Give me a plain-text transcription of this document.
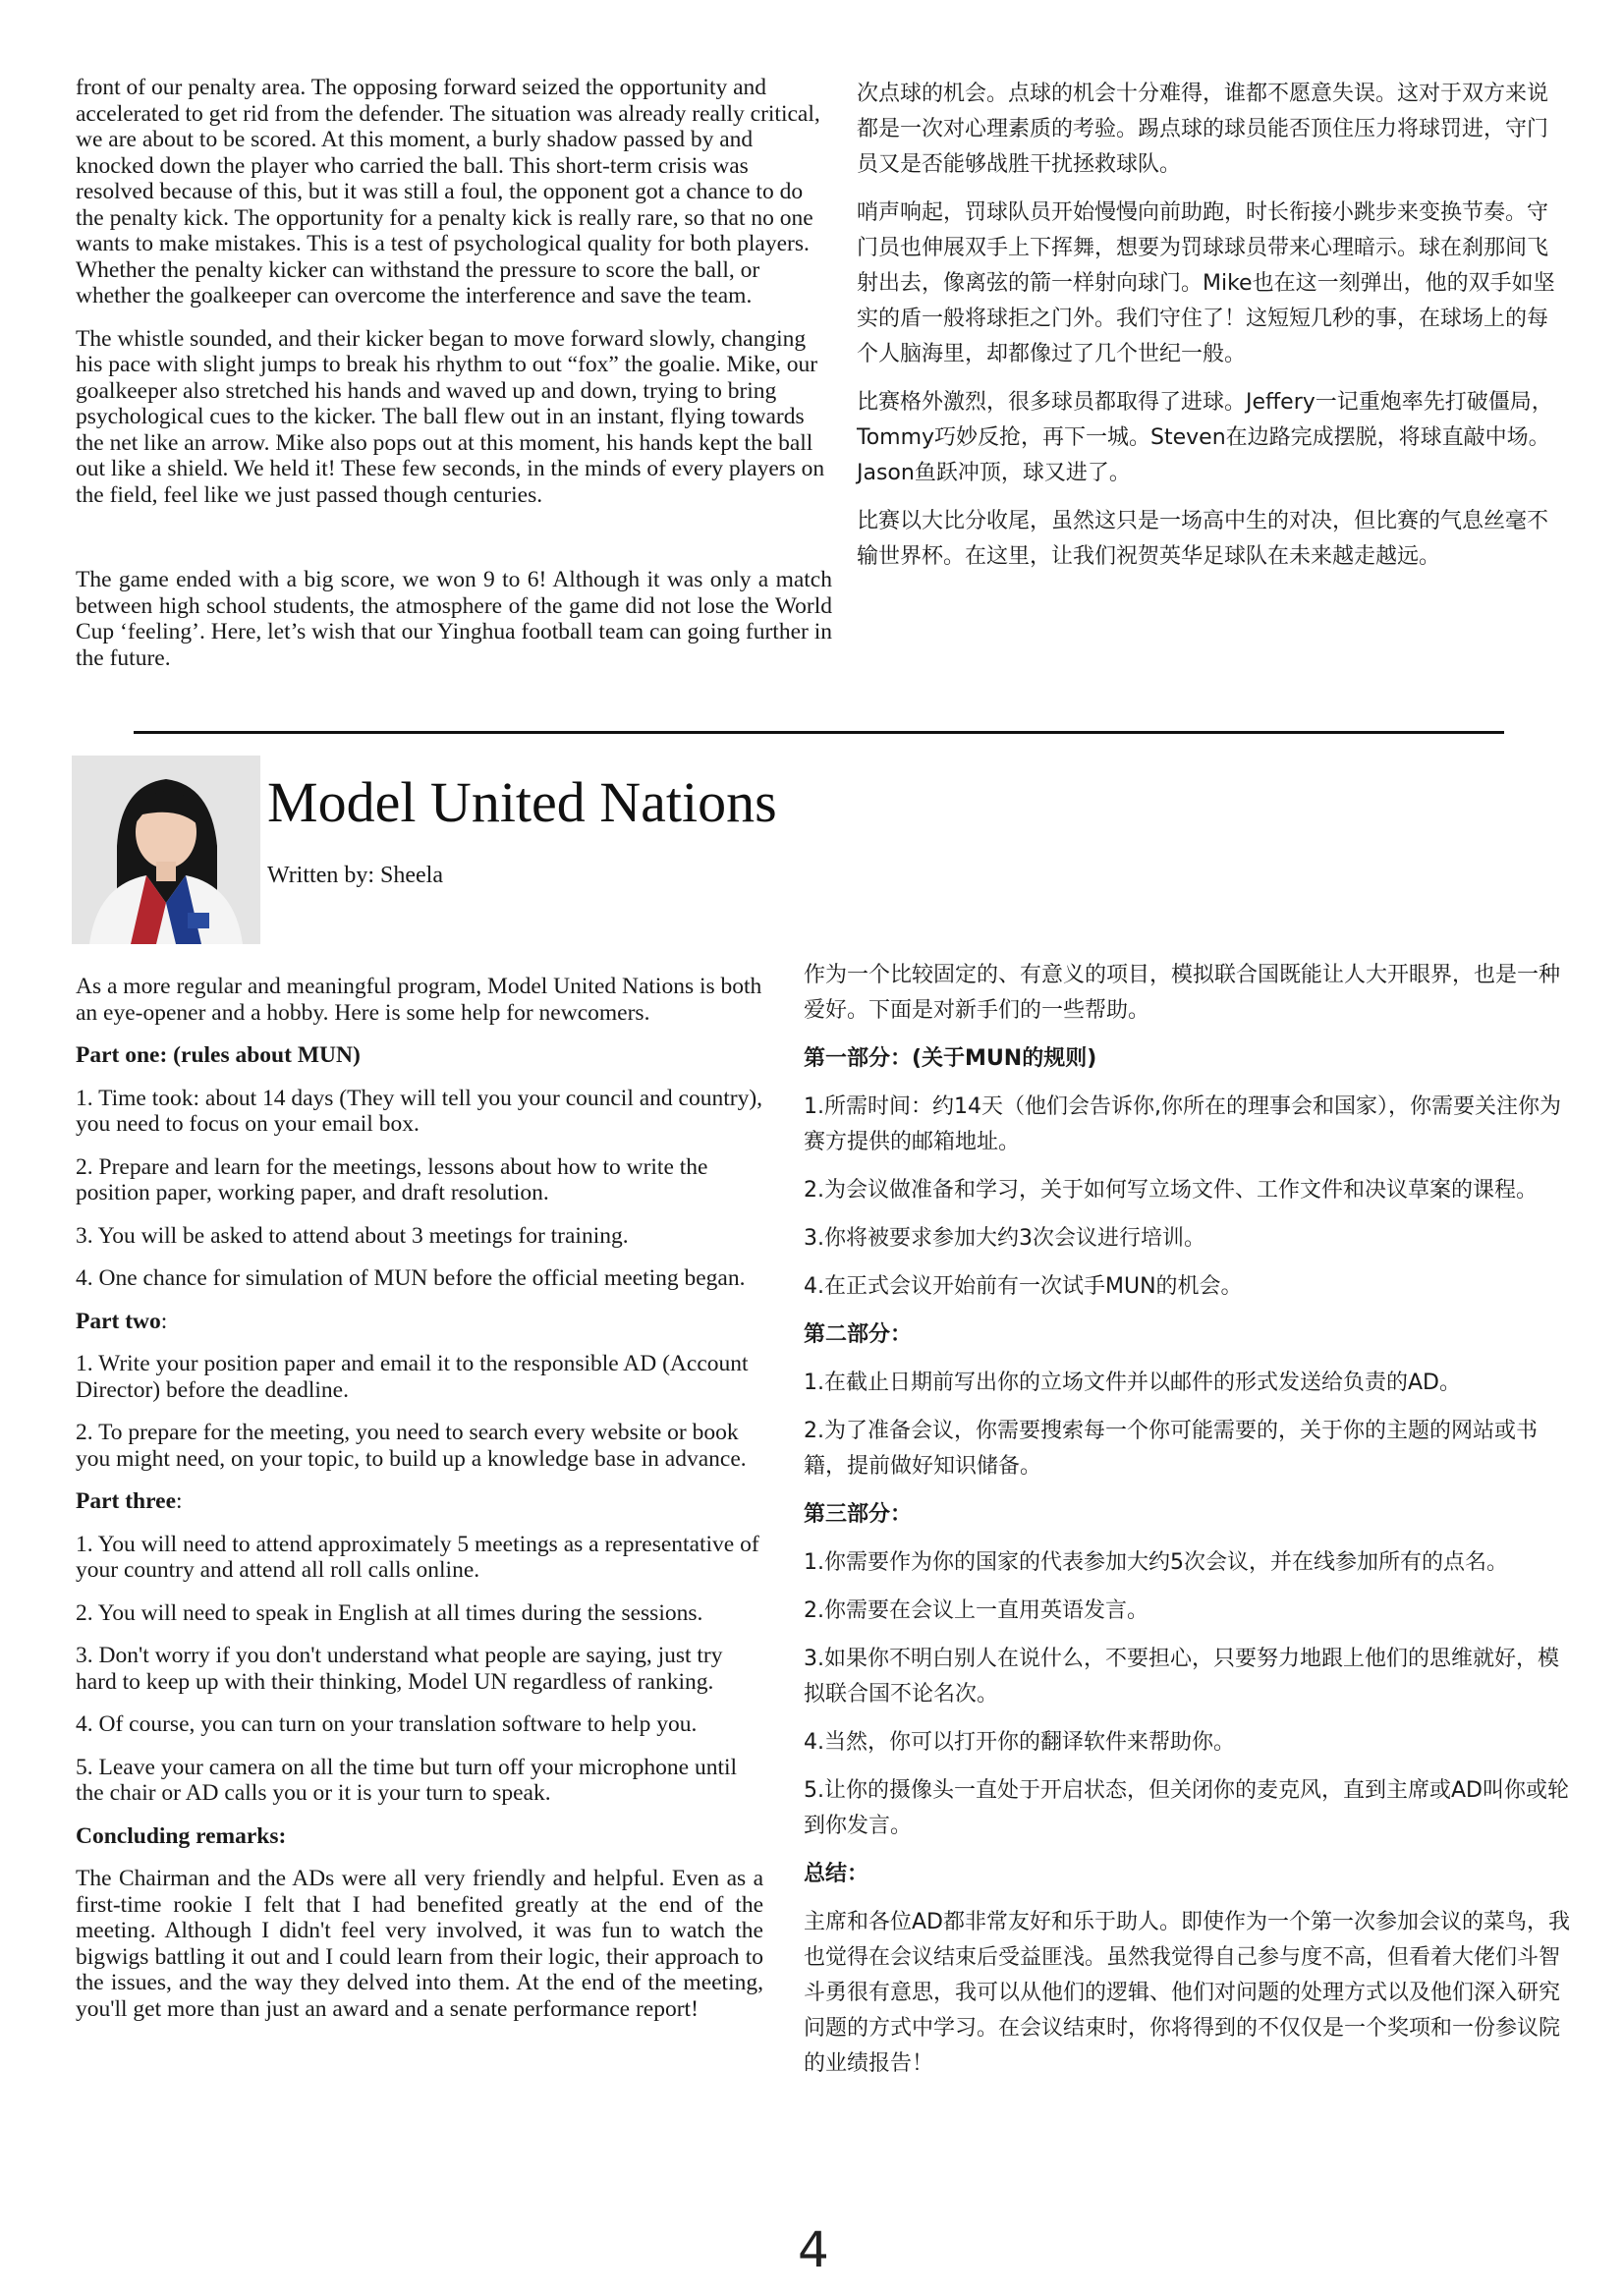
front of our penalty area. The opposing forward seized the opportunity and accelerated to get rid from the defender. The situation was already really critical, we are about to be scored. At this moment, a burly shadow passed by and knocked down the player who carried the ball. This short-term crisis was resolved because of this, but it was still a foul, the opponent got a chance to do the penalty kick. The opportunity for a penalty kick is really rare, so that no one wants to make mistakes. This is a test of psychological quality for both players. Whether the penalty kicker can withstand the pressure to score the ball, or whether the goalkeeper can overcome the interference and save the team.

The whistle sounded, and their kicker began to move forward slowly, changing his pace with slight jumps to break his rhythm to out “fox” the goalie. Mike, our goalkeeper also stretched his hands and waved up and down, trying to bring psychological cues to the kicker. The ball flew out in an instant, flying towards the net like an arrow. Mike also pops out at this moment, his hands kept the ball out like a shield. We held it! These few seconds, in the minds of every players on the field, feel like we just passed though centuries.

The game ended with a big score, we won 9 to 6! Although it was only a match between high school students, the atmosphere of the game did not lose the World Cup ‘feeling’. Here, let’s wish that our Yinghua football team can going further in the future.

次点球的机会。点球的机会十分难得，谁都不愿意失误。这对于双方来说都是一次对心理素质的考验。踢点球的球员能否顶住压力将球罚进，守门员又是否能够战胜干扰拯救球队。

哨声响起，罚球队员开始慢慢向前助跑，时长衔接小跳步来变换节奏。守门员也伸展双手上下挥舞，想要为罚球球员带来心理暗示。球在刹那间飞射出去，像离弦的箭一样射向球门。Mike也在这一刻弹出，他的双手如坚实的盾一般将球拒之门外。我们守住了！这短短几秒的事，在球场上的每个人脑海里，却都像过了几个世纪一般。

比赛格外激烈，很多球员都取得了进球。Jeffery一记重炮率先打破僵局，Tommy巧妙反抢，再下一城。Steven在边路完成摆脱，将球直敲中场。Jason鱼跃冲顶，球又进了。

比赛以大比分收尾，虽然这只是一场高中生的对决，但比赛的气息丝毫不输世界杯。在这里，让我们祝贺英华足球队在未来越走越远。

Model United Nations

Written by: Sheela

As a more regular and meaningful program, Model United Nations is both an eye-opener and a hobby. Here is some help for newcomers.

Part one: (rules about MUN)

1. Time took: about 14 days (They will tell you your council and country), you need to focus on your email box.

2. Prepare and learn for the meetings, lessons about how to write the position paper, working paper, and draft resolution.

3. You will be asked to attend about 3 meetings for training.

4. One chance for simulation of MUN before the official meeting began.

Part two:

1. Write your position paper and email it to the responsible AD (Account Director) before the deadline.

2. To prepare for the meeting, you need to search every website or book you might need, on your topic, to build up a knowledge base in advance.

Part three:

1. You will need to attend approximately 5 meetings as a representative of your country and attend all roll calls online.

2. You will need to speak in English at all times during the sessions.

3. Don't worry if you don't understand what people are saying, just try hard to keep up with their thinking, Model UN regardless of ranking.

4. Of course, you can turn on your translation software to help you.

5. Leave your camera on all the time but turn off your microphone until the chair or AD calls you or it is your turn to speak.

Concluding remarks:

The Chairman and the ADs were all very friendly and helpful. Even as a first-time rookie I felt that I had benefited greatly at the end of the meeting. Although I didn't feel very involved, it was fun to watch the bigwigs battling it out and I could learn from their logic, their approach to the issues, and the way they delved into them. At the end of the meeting, you'll get more than just an award and a senate performance report!

作为一个比较固定的、有意义的项目，模拟联合国既能让人大开眼界，也是一种爱好。下面是对新手们的一些帮助。

第一部分：(关于MUN的规则)

1.所需时间：约14天（他们会告诉你,你所在的理事会和国家），你需要关注你为赛方提供的邮箱地址。

2.为会议做准备和学习，关于如何写立场文件、工作文件和决议草案的课程。

3.你将被要求参加大约3次会议进行培训。

4.在正式会议开始前有一次试手MUN的机会。

第二部分：

1.在截止日期前写出你的立场文件并以邮件的形式发送给负责的AD。

2.为了准备会议，你需要搜索每一个你可能需要的，关于你的主题的网站或书籍，提前做好知识储备。

第三部分：

1.你需要作为你的国家的代表参加大约5次会议，并在线参加所有的点名。

2.你需要在会议上一直用英语发言。

3.如果你不明白别人在说什么，不要担心，只要努力地跟上他们的思维就好，模拟联合国不论名次。

4.当然，你可以打开你的翻译软件来帮助你。

5.让你的摄像头一直处于开启状态，但关闭你的麦克风，直到主席或AD叫你或轮到你发言。

总结：

主席和各位AD都非常友好和乐于助人。即使作为一个第一次参加会议的菜鸟，我也觉得在会议结束后受益匪浅。虽然我觉得自己参与度不高，但看着大佬们斗智斗勇很有意思，我可以从他们的逻辑、他们对问题的处理方式以及他们深入研究问题的方式中学习。在会议结束时，你将得到的不仅仅是一个奖项和一份参议院的业绩报告！

4
